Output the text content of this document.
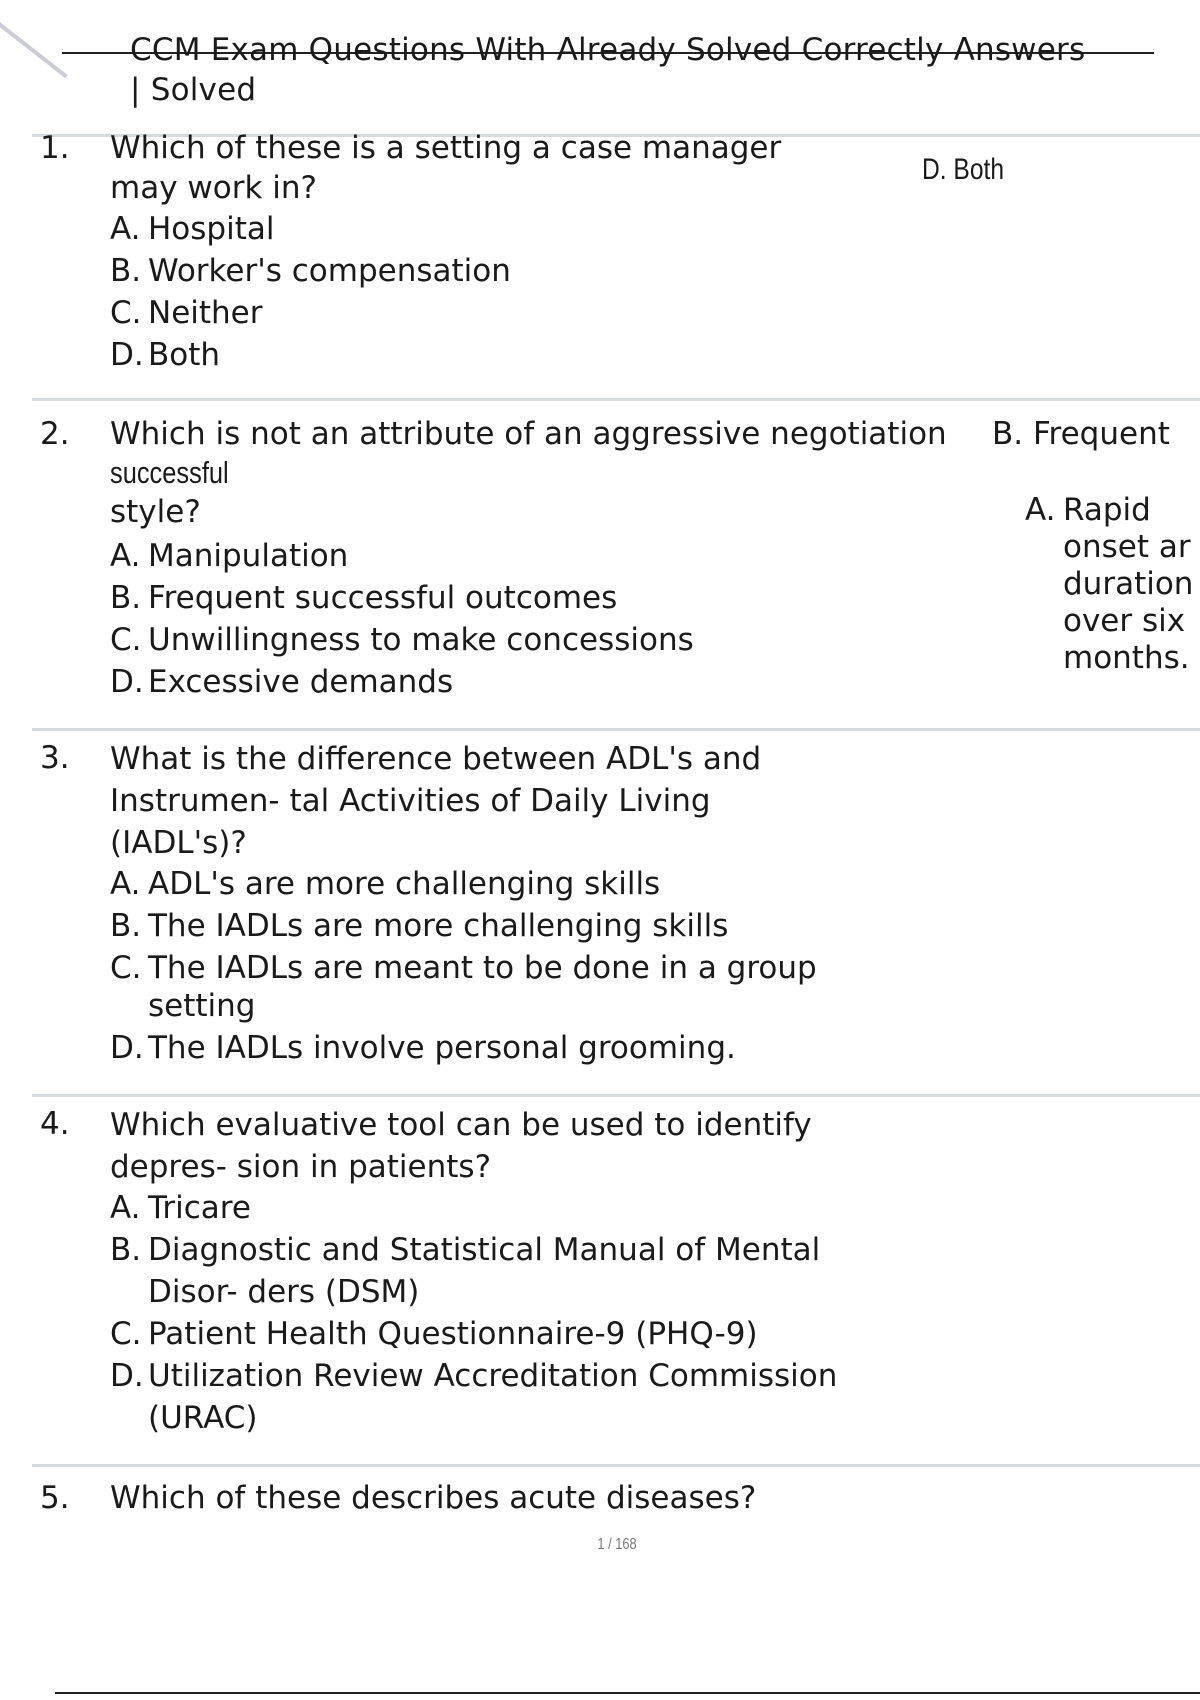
CCM Exam Questions With Already Solved Correctly Answers
| Solved
1. Which of these is a setting a case manager may work in?
A. Hospital
B. Worker's compensation
C. Neither
D. Both
D. Both
2. Which is not an attribute of an aggressive negotiation B. Frequent
successful
style?
A. Manipulation
B. Frequent successful outcomes
C. Unwillingness to make concessions
D. Excessive demands
A. Rapid
onset ar
duration
over six
months.
3. What is the difference between ADL's and Instrumen- tal Activities of Daily Living (IADL's)?
A. ADL's are more challenging skills
B. The IADLs are more challenging skills
C. The IADLs are meant to be done in a group setting
D. The IADLs involve personal grooming.
4. Which evaluative tool can be used to identify depres- sion in patients?
A. Tricare
B. Diagnostic and Statistical Manual of Mental Disor- ders (DSM)
C. Patient Health Questionnaire-9 (PHQ-9)
D. Utilization Review Accreditation Commission (URAC)
5. Which of these describes acute diseases?
1 / 168
